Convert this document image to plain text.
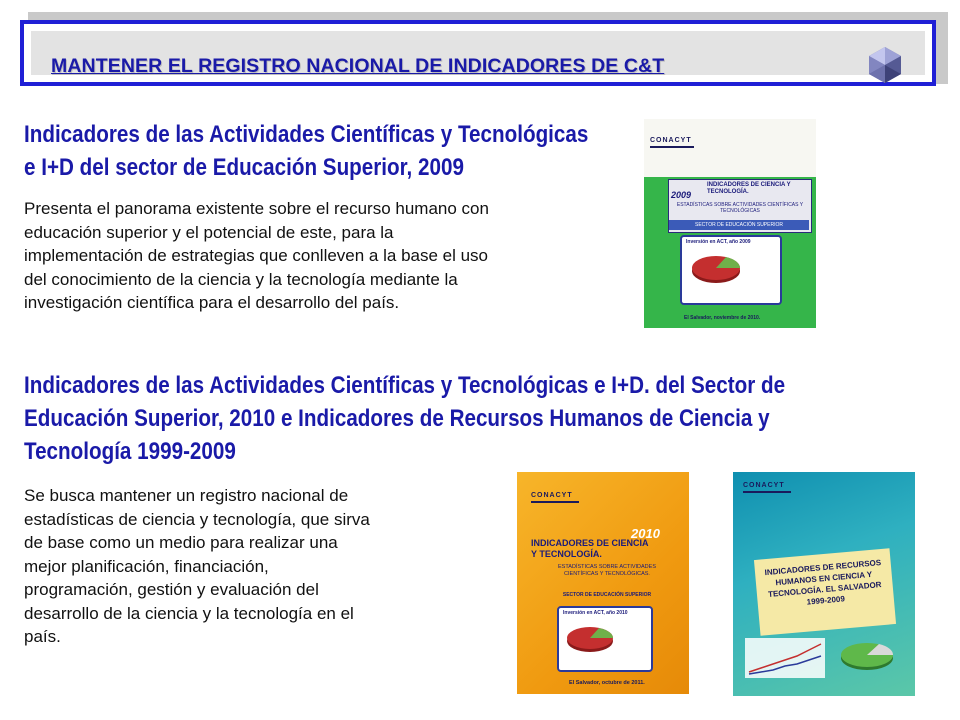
MANTENER EL REGISTRO NACIONAL DE INDICADORES DE C&T
Indicadores de las Actividades Científicas y Tecnológicas
e I+D del sector de Educación Superior, 2009
Presenta el panorama existente sobre el recurso humano con
educación superior y el potencial de este, para la
implementación de estrategias que conlleven a la base el uso
del conocimiento de la ciencia y la tecnología mediante la
investigación científica para el desarrollo del país.
CONACYT
2009
INDICADORES DE CIENCIA Y TECNOLOGÍA.
ESTADÍSTICAS SOBRE ACTIVIDADES CIENTÍFICAS Y TECNOLÓGICAS
SECTOR DE EDUCACIÓN SUPERIOR
Inversión en ACT, año 2009
El Salvador, noviembre de 2010.
Indicadores de las Actividades Científicas y Tecnológicas e I+D. del Sector de
Educación Superior, 2010 e Indicadores de Recursos Humanos de Ciencia y
Tecnología 1999-2009
Se busca mantener un registro nacional de
estadísticas de ciencia y tecnología, que sirva
de base como un medio para realizar una
mejor planificación, financiación,
programación, gestión y evaluación del
desarrollo de la ciencia y la tecnología en el
país.
CONACYT
2010
INDICADORES DE CIENCIA Y TECNOLOGÍA.
ESTADÍSTICAS SOBRE ACTIVIDADES CIENTÍFICAS Y TECNOLÓGICAS.
SECTOR DE EDUCACIÓN SUPERIOR
Inversión en ACT, año 2010
El Salvador, octubre de 2011.
CONACYT
INDICADORES DE RECURSOS HUMANOS EN CIENCIA Y TECNOLOGÍA. EL SALVADOR 1999-2009
